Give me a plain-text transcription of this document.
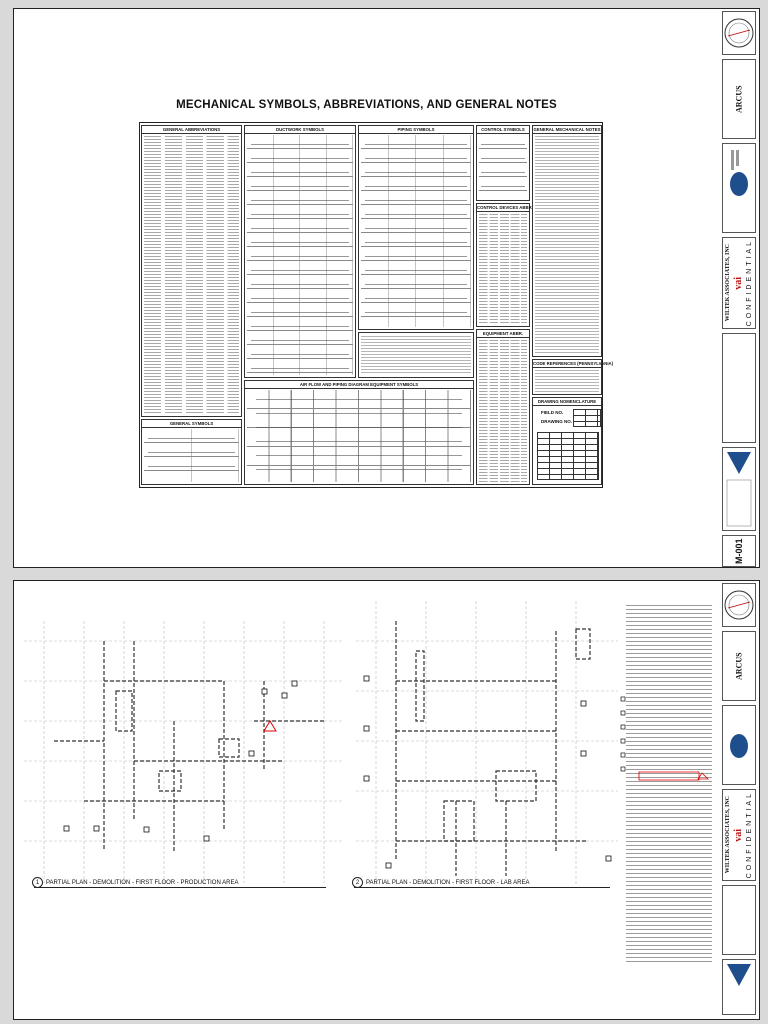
MECHANICAL SYMBOLS, ABBREVIATIONS, AND GENERAL NOTES
GENERAL ABBREVIATIONS
GENERAL SYMBOLS
DUCTWORK SYMBOLS	PIPING SYMBOLS	CONTROL SYMBOLS
CONTROL DEVICES ABBR.
EQUIPMENT ABBR.
AIR FLOW AND PIPING DIAGRAM EQUIPMENT SYMBOLS
GENERAL MECHANICAL NOTES
CODE REFERENCES (PENNSYLVANIA)
DRAWING NOMENCLATURE
FIELD NO.
DRAWING NO.
ARCUS
WILTEK ASSOCIATES, INC vai CONFIDENTIAL
M-001
1	PARTIAL PLAN - DEMOLITION - FIRST FLOOR - PRODUCTION AREA	2	PARTIAL PLAN - DEMOLITION - FIRST FLOOR - LAB AREA
ARCUS
WILTEK ASSOCIATES, INC vai CONFIDENTIAL
